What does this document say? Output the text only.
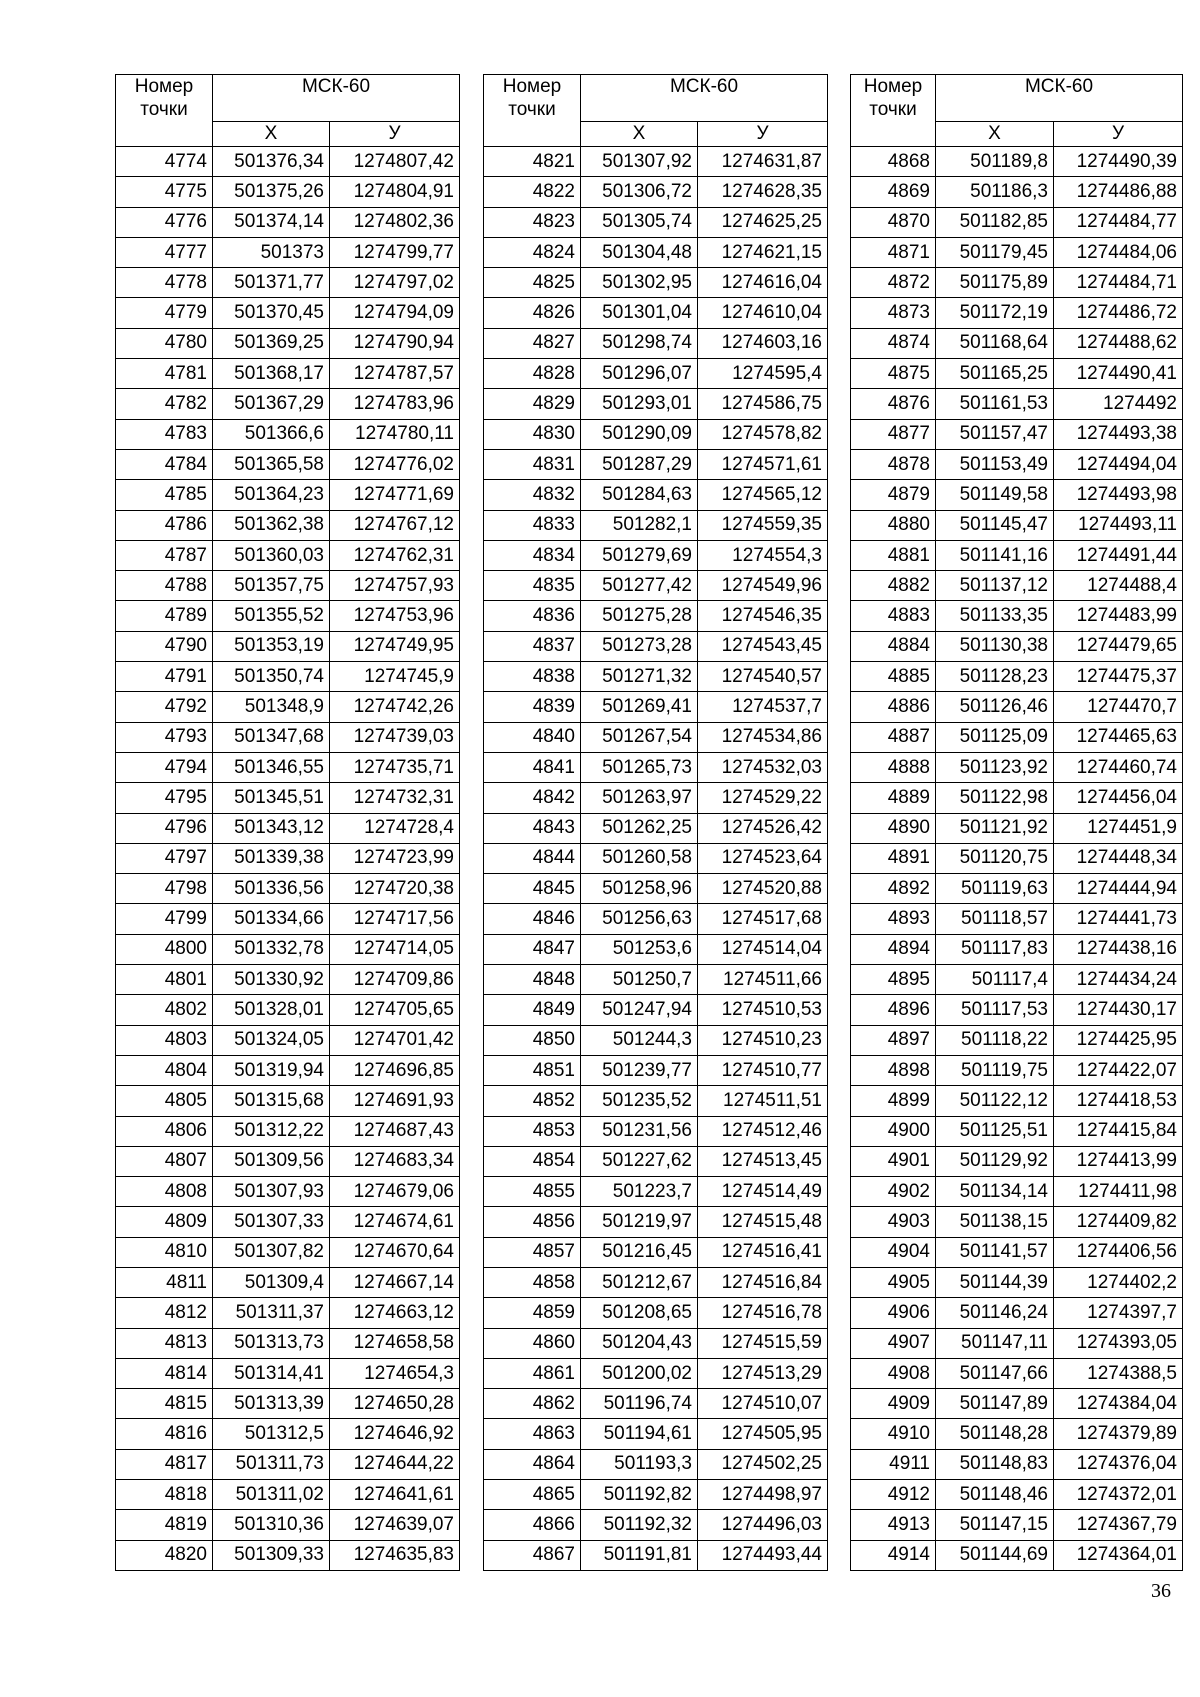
Номер
точки	МСК-60	
	Х	У
4774	501376,34	1274807,42
4775	501375,26	1274804,91
4776	501374,14	1274802,36
4777	501373	1274799,77
4778	501371,77	1274797,02
4779	501370,45	1274794,09
4780	501369,25	1274790,94
4781	501368,17	1274787,57
4782	501367,29	1274783,96
4783	501366,6	1274780,11
4784	501365,58	1274776,02
4785	501364,23	1274771,69
4786	501362,38	1274767,12
4787	501360,03	1274762,31
4788	501357,75	1274757,93
4789	501355,52	1274753,96
4790	501353,19	1274749,95
4791	501350,74	1274745,9
4792	501348,9	1274742,26
4793	501347,68	1274739,03
4794	501346,55	1274735,71
4795	501345,51	1274732,31
4796	501343,12	1274728,4
4797	501339,38	1274723,99
4798	501336,56	1274720,38
4799	501334,66	1274717,56
4800	501332,78	1274714,05
4801	501330,92	1274709,86
4802	501328,01	1274705,65
4803	501324,05	1274701,42
4804	501319,94	1274696,85
4805	501315,68	1274691,93
4806	501312,22	1274687,43
4807	501309,56	1274683,34
4808	501307,93	1274679,06
4809	501307,33	1274674,61
4810	501307,82	1274670,64
4811	501309,4	1274667,14
4812	501311,37	1274663,12
4813	501313,73	1274658,58
4814	501314,41	1274654,3
4815	501313,39	1274650,28
4816	501312,5	1274646,92
4817	501311,73	1274644,22
4818	501311,02	1274641,61
4819	501310,36	1274639,07
4820	501309,33	1274635,83
Номер
точки	МСК-60	
	Х	У
4821	501307,92	1274631,87
4822	501306,72	1274628,35
4823	501305,74	1274625,25
4824	501304,48	1274621,15
4825	501302,95	1274616,04
4826	501301,04	1274610,04
4827	501298,74	1274603,16
4828	501296,07	1274595,4
4829	501293,01	1274586,75
4830	501290,09	1274578,82
4831	501287,29	1274571,61
4832	501284,63	1274565,12
4833	501282,1	1274559,35
4834	501279,69	1274554,3
4835	501277,42	1274549,96
4836	501275,28	1274546,35
4837	501273,28	1274543,45
4838	501271,32	1274540,57
4839	501269,41	1274537,7
4840	501267,54	1274534,86
4841	501265,73	1274532,03
4842	501263,97	1274529,22
4843	501262,25	1274526,42
4844	501260,58	1274523,64
4845	501258,96	1274520,88
4846	501256,63	1274517,68
4847	501253,6	1274514,04
4848	501250,7	1274511,66
4849	501247,94	1274510,53
4850	501244,3	1274510,23
4851	501239,77	1274510,77
4852	501235,52	1274511,51
4853	501231,56	1274512,46
4854	501227,62	1274513,45
4855	501223,7	1274514,49
4856	501219,97	1274515,48
4857	501216,45	1274516,41
4858	501212,67	1274516,84
4859	501208,65	1274516,78
4860	501204,43	1274515,59
4861	501200,02	1274513,29
4862	501196,74	1274510,07
4863	501194,61	1274505,95
4864	501193,3	1274502,25
4865	501192,82	1274498,97
4866	501192,32	1274496,03
4867	501191,81	1274493,44
Номер
точки	МСК-60	
	Х	У
4868	501189,8	1274490,39
4869	501186,3	1274486,88
4870	501182,85	1274484,77
4871	501179,45	1274484,06
4872	501175,89	1274484,71
4873	501172,19	1274486,72
4874	501168,64	1274488,62
4875	501165,25	1274490,41
4876	501161,53	1274492
4877	501157,47	1274493,38
4878	501153,49	1274494,04
4879	501149,58	1274493,98
4880	501145,47	1274493,11
4881	501141,16	1274491,44
4882	501137,12	1274488,4
4883	501133,35	1274483,99
4884	501130,38	1274479,65
4885	501128,23	1274475,37
4886	501126,46	1274470,7
4887	501125,09	1274465,63
4888	501123,92	1274460,74
4889	501122,98	1274456,04
4890	501121,92	1274451,9
4891	501120,75	1274448,34
4892	501119,63	1274444,94
4893	501118,57	1274441,73
4894	501117,83	1274438,16
4895	501117,4	1274434,24
4896	501117,53	1274430,17
4897	501118,22	1274425,95
4898	501119,75	1274422,07
4899	501122,12	1274418,53
4900	501125,51	1274415,84
4901	501129,92	1274413,99
4902	501134,14	1274411,98
4903	501138,15	1274409,82
4904	501141,57	1274406,56
4905	501144,39	1274402,2
4906	501146,24	1274397,7
4907	501147,11	1274393,05
4908	501147,66	1274388,5
4909	501147,89	1274384,04
4910	501148,28	1274379,89
4911	501148,83	1274376,04
4912	501148,46	1274372,01
4913	501147,15	1274367,79
4914	501144,69	1274364,01
36
